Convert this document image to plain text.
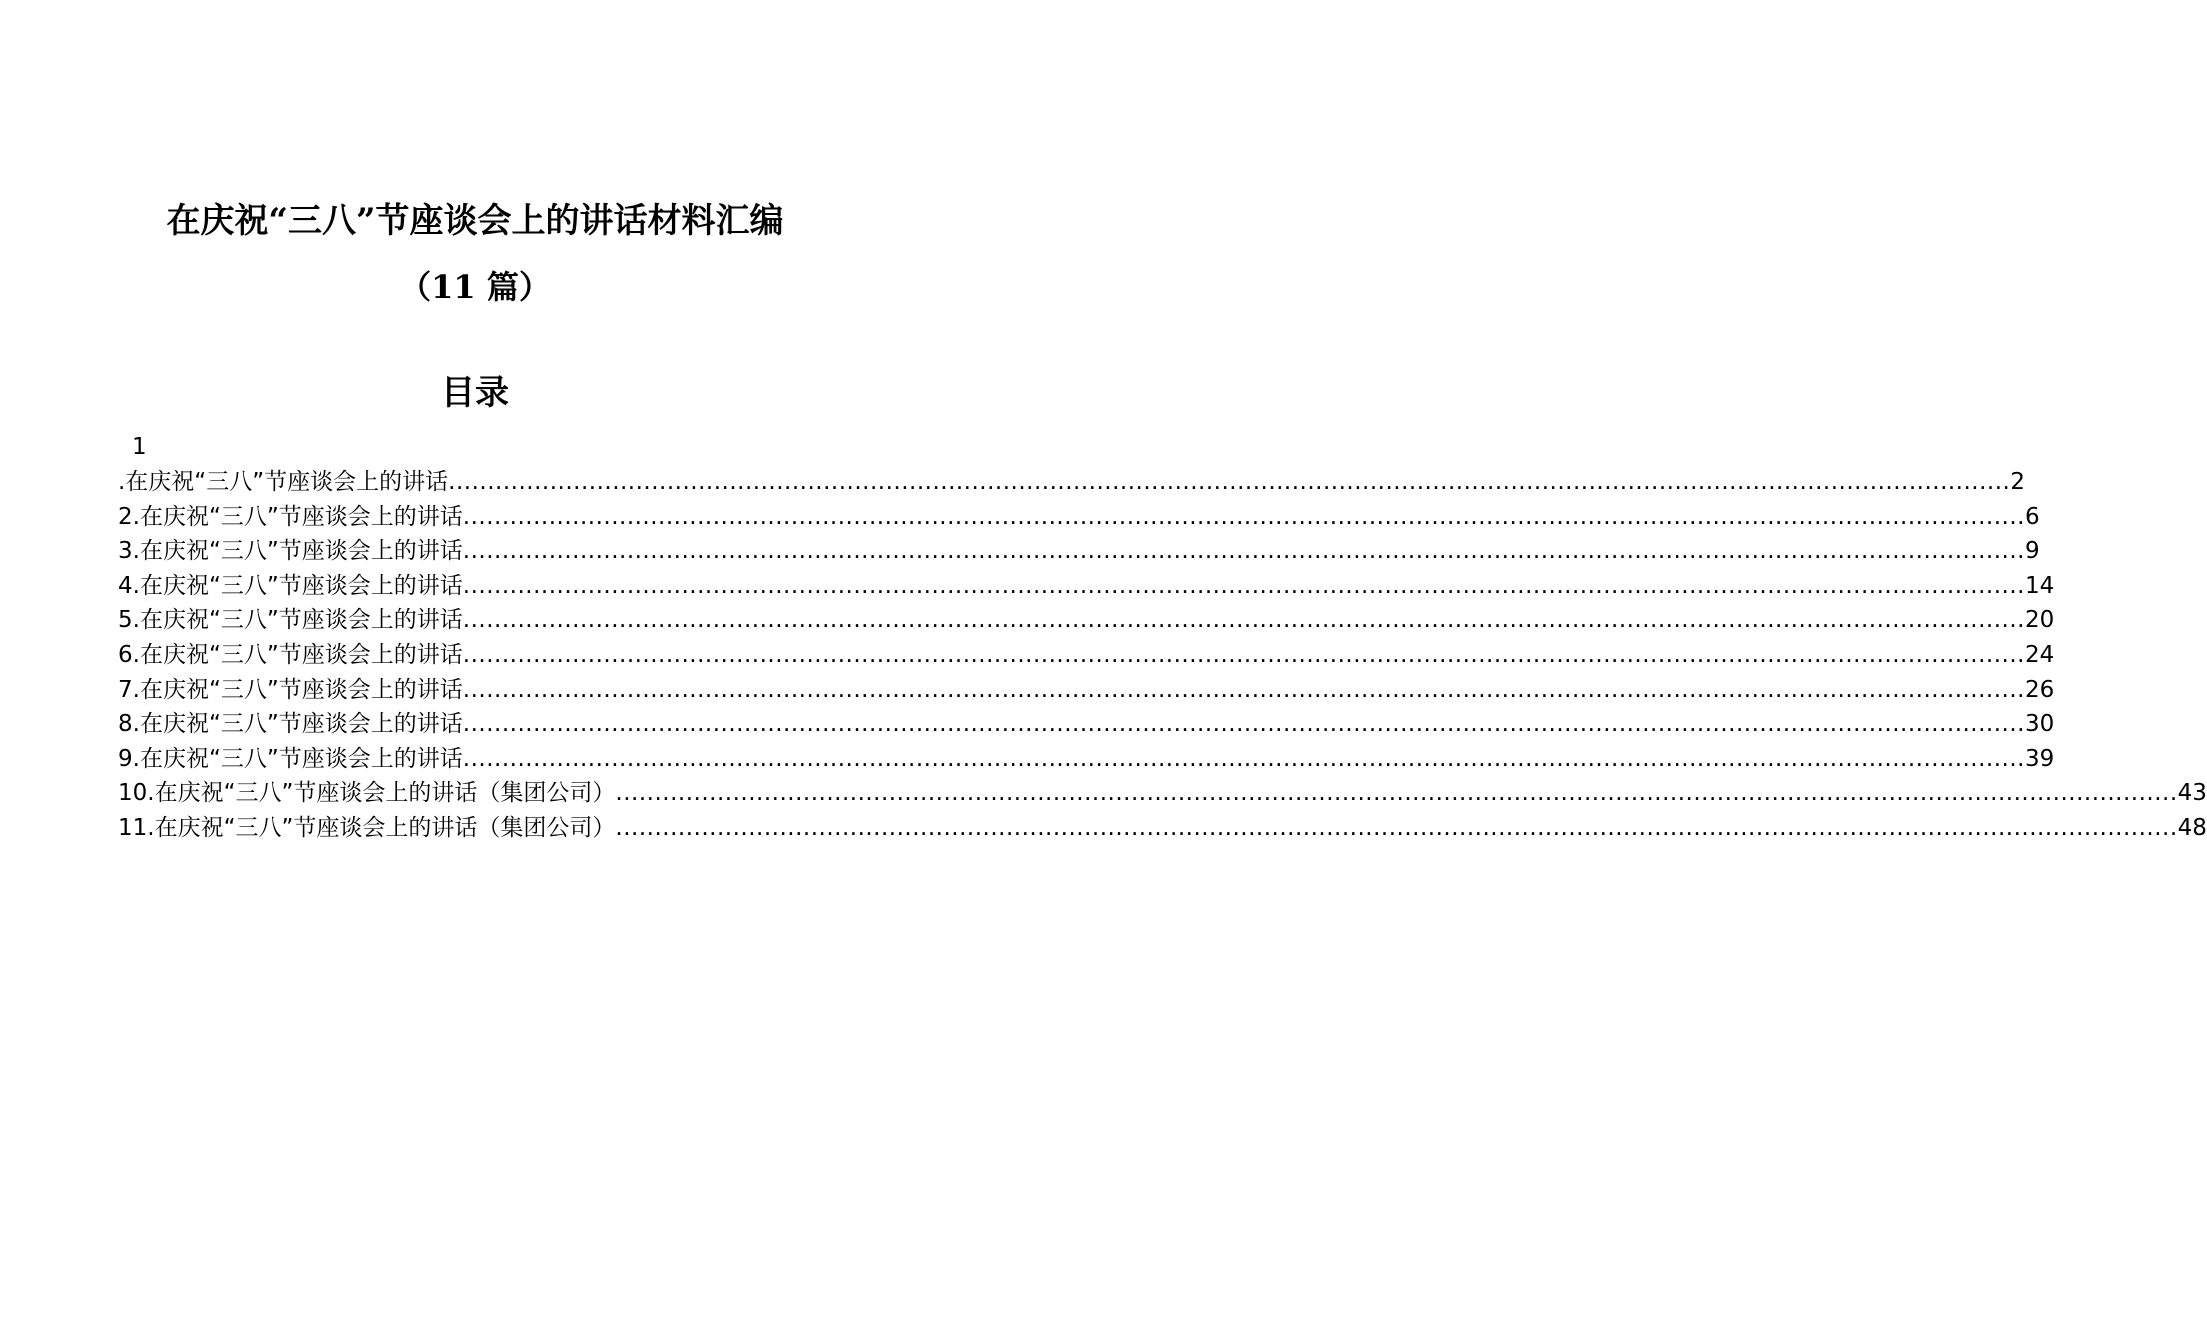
在庆祝“三八”节座谈会上的讲话材料汇编
（11 篇）
目录
1
.在庆祝“三八”节座谈会上的讲话 ........................................................................................................................................................................................................ 2
2.在庆祝“三八”节座谈会上的讲话 ........................................................................................................................................................................................................ 6
3.在庆祝“三八”节座谈会上的讲话 ........................................................................................................................................................................................................ 9
4.在庆祝“三八”节座谈会上的讲话 ........................................................................................................................................................................................................ 14
5.在庆祝“三八”节座谈会上的讲话 ........................................................................................................................................................................................................ 20
6.在庆祝“三八”节座谈会上的讲话 ........................................................................................................................................................................................................ 24
7.在庆祝“三八”节座谈会上的讲话 ........................................................................................................................................................................................................ 26
8.在庆祝“三八”节座谈会上的讲话 ........................................................................................................................................................................................................ 30
9.在庆祝“三八”节座谈会上的讲话 ........................................................................................................................................................................................................ 39
10.在庆祝“三八”节座谈会上的讲话（集团公司） ........................................................................................................................................................................................................ 43
11.在庆祝“三八”节座谈会上的讲话（集团公司） ........................................................................................................................................................................................................ 48
